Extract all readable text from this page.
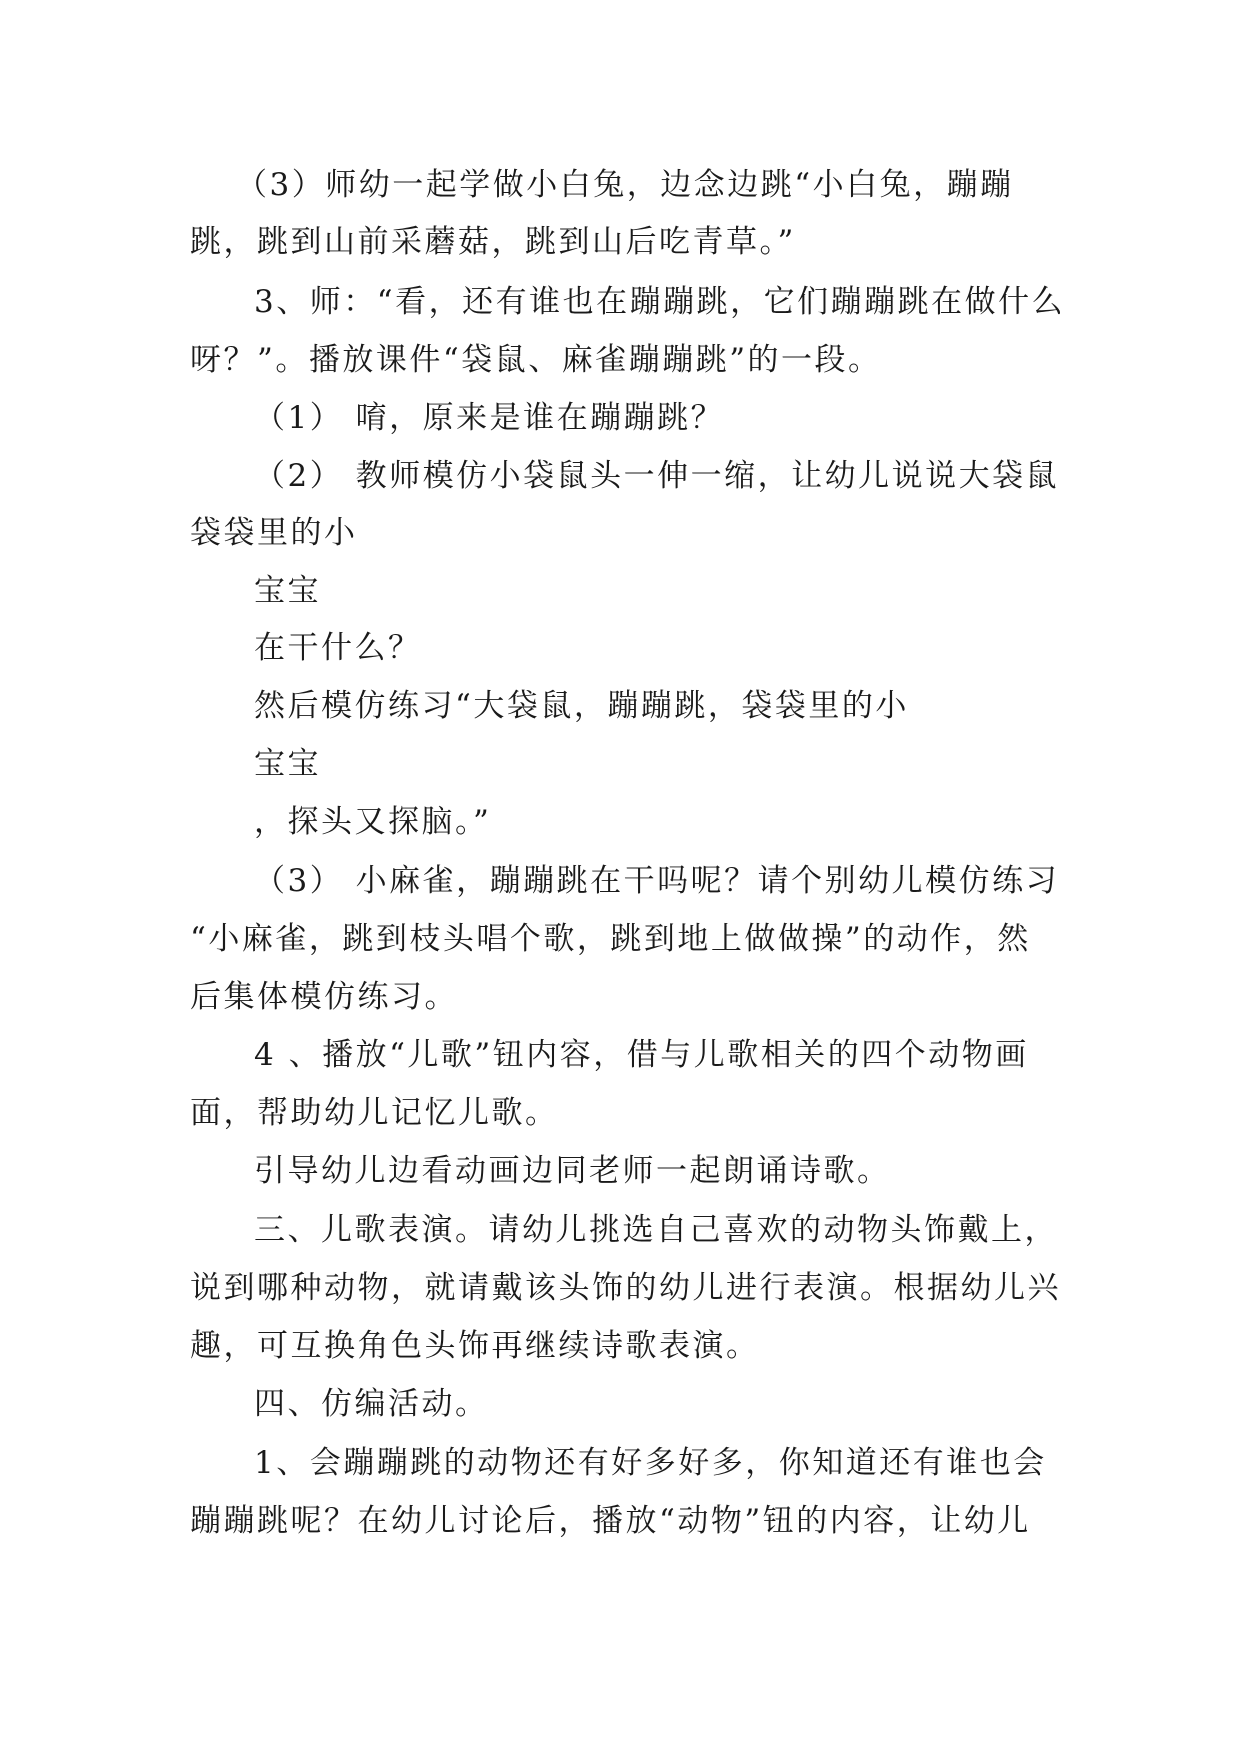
（3）师幼一起学做小白兔，边念边跳“小白兔，蹦蹦

跳，跳到山前采蘑菇，跳到山后吃青草。”

3、师：“看，还有谁也在蹦蹦跳，它们蹦蹦跳在做什么

呀？”。播放课件“袋鼠、麻雀蹦蹦跳”的一段。

（1） 唷，原来是谁在蹦蹦跳？

（2） 教师模仿小袋鼠头一伸一缩，让幼儿说说大袋鼠

袋袋里的小

宝宝

在干什么？

然后模仿练习“大袋鼠，蹦蹦跳，袋袋里的小

宝宝

，探头又探脑。”

（3） 小麻雀，蹦蹦跳在干吗呢？请个别幼儿模仿练习

“小麻雀，跳到枝头唱个歌，跳到地上做做操”的动作，然

后集体模仿练习。

4 、播放“儿歌”钮内容，借与儿歌相关的四个动物画

面，帮助幼儿记忆儿歌。

引导幼儿边看动画边同老师一起朗诵诗歌。

三、儿歌表演。请幼儿挑选自己喜欢的动物头饰戴上，

说到哪种动物，就请戴该头饰的幼儿进行表演。根据幼儿兴

趣，可互换角色头饰再继续诗歌表演。

四、仿编活动。

1、会蹦蹦跳的动物还有好多好多，你知道还有谁也会

蹦蹦跳呢？在幼儿讨论后，播放“动物”钮的内容，让幼儿
